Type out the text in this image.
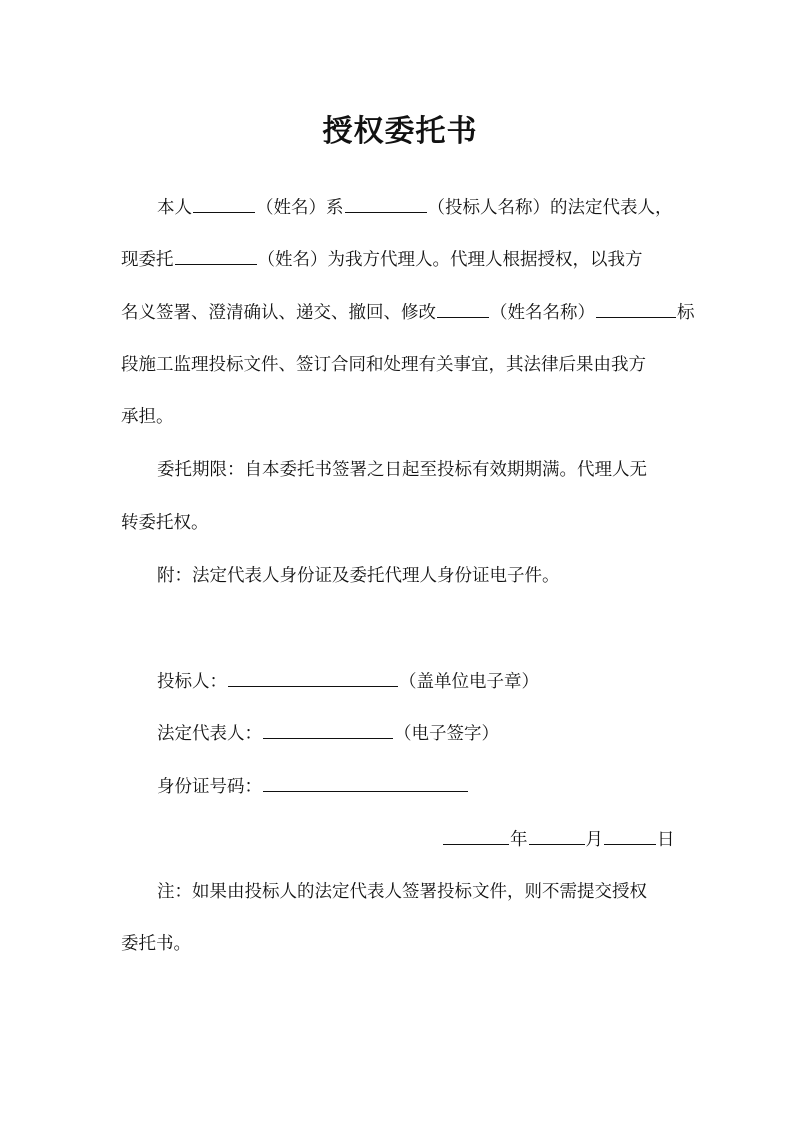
授权委托书
本人	（姓名）系	（投标人名称）的法定代表人，
现委托	（姓名）为我方代理人。代理人根据授权，以我方
名义签署、澄清确认、递交、撤回、修改	（姓名名称）	标
段施工监理投标文件、签订合同和处理有关事宜，其法律后果由我方
承担。
委托期限：自本委托书签署之日起至投标有效期期满。代理人无
转委托权。
附：法定代表人身份证及委托代理人身份证电子件。
投标人：	（盖单位电子章）
法定代表人：	（电子签字）
身份证号码：
年	月	日
注：如果由投标人的法定代表人签署投标文件，则不需提交授权
委托书。
